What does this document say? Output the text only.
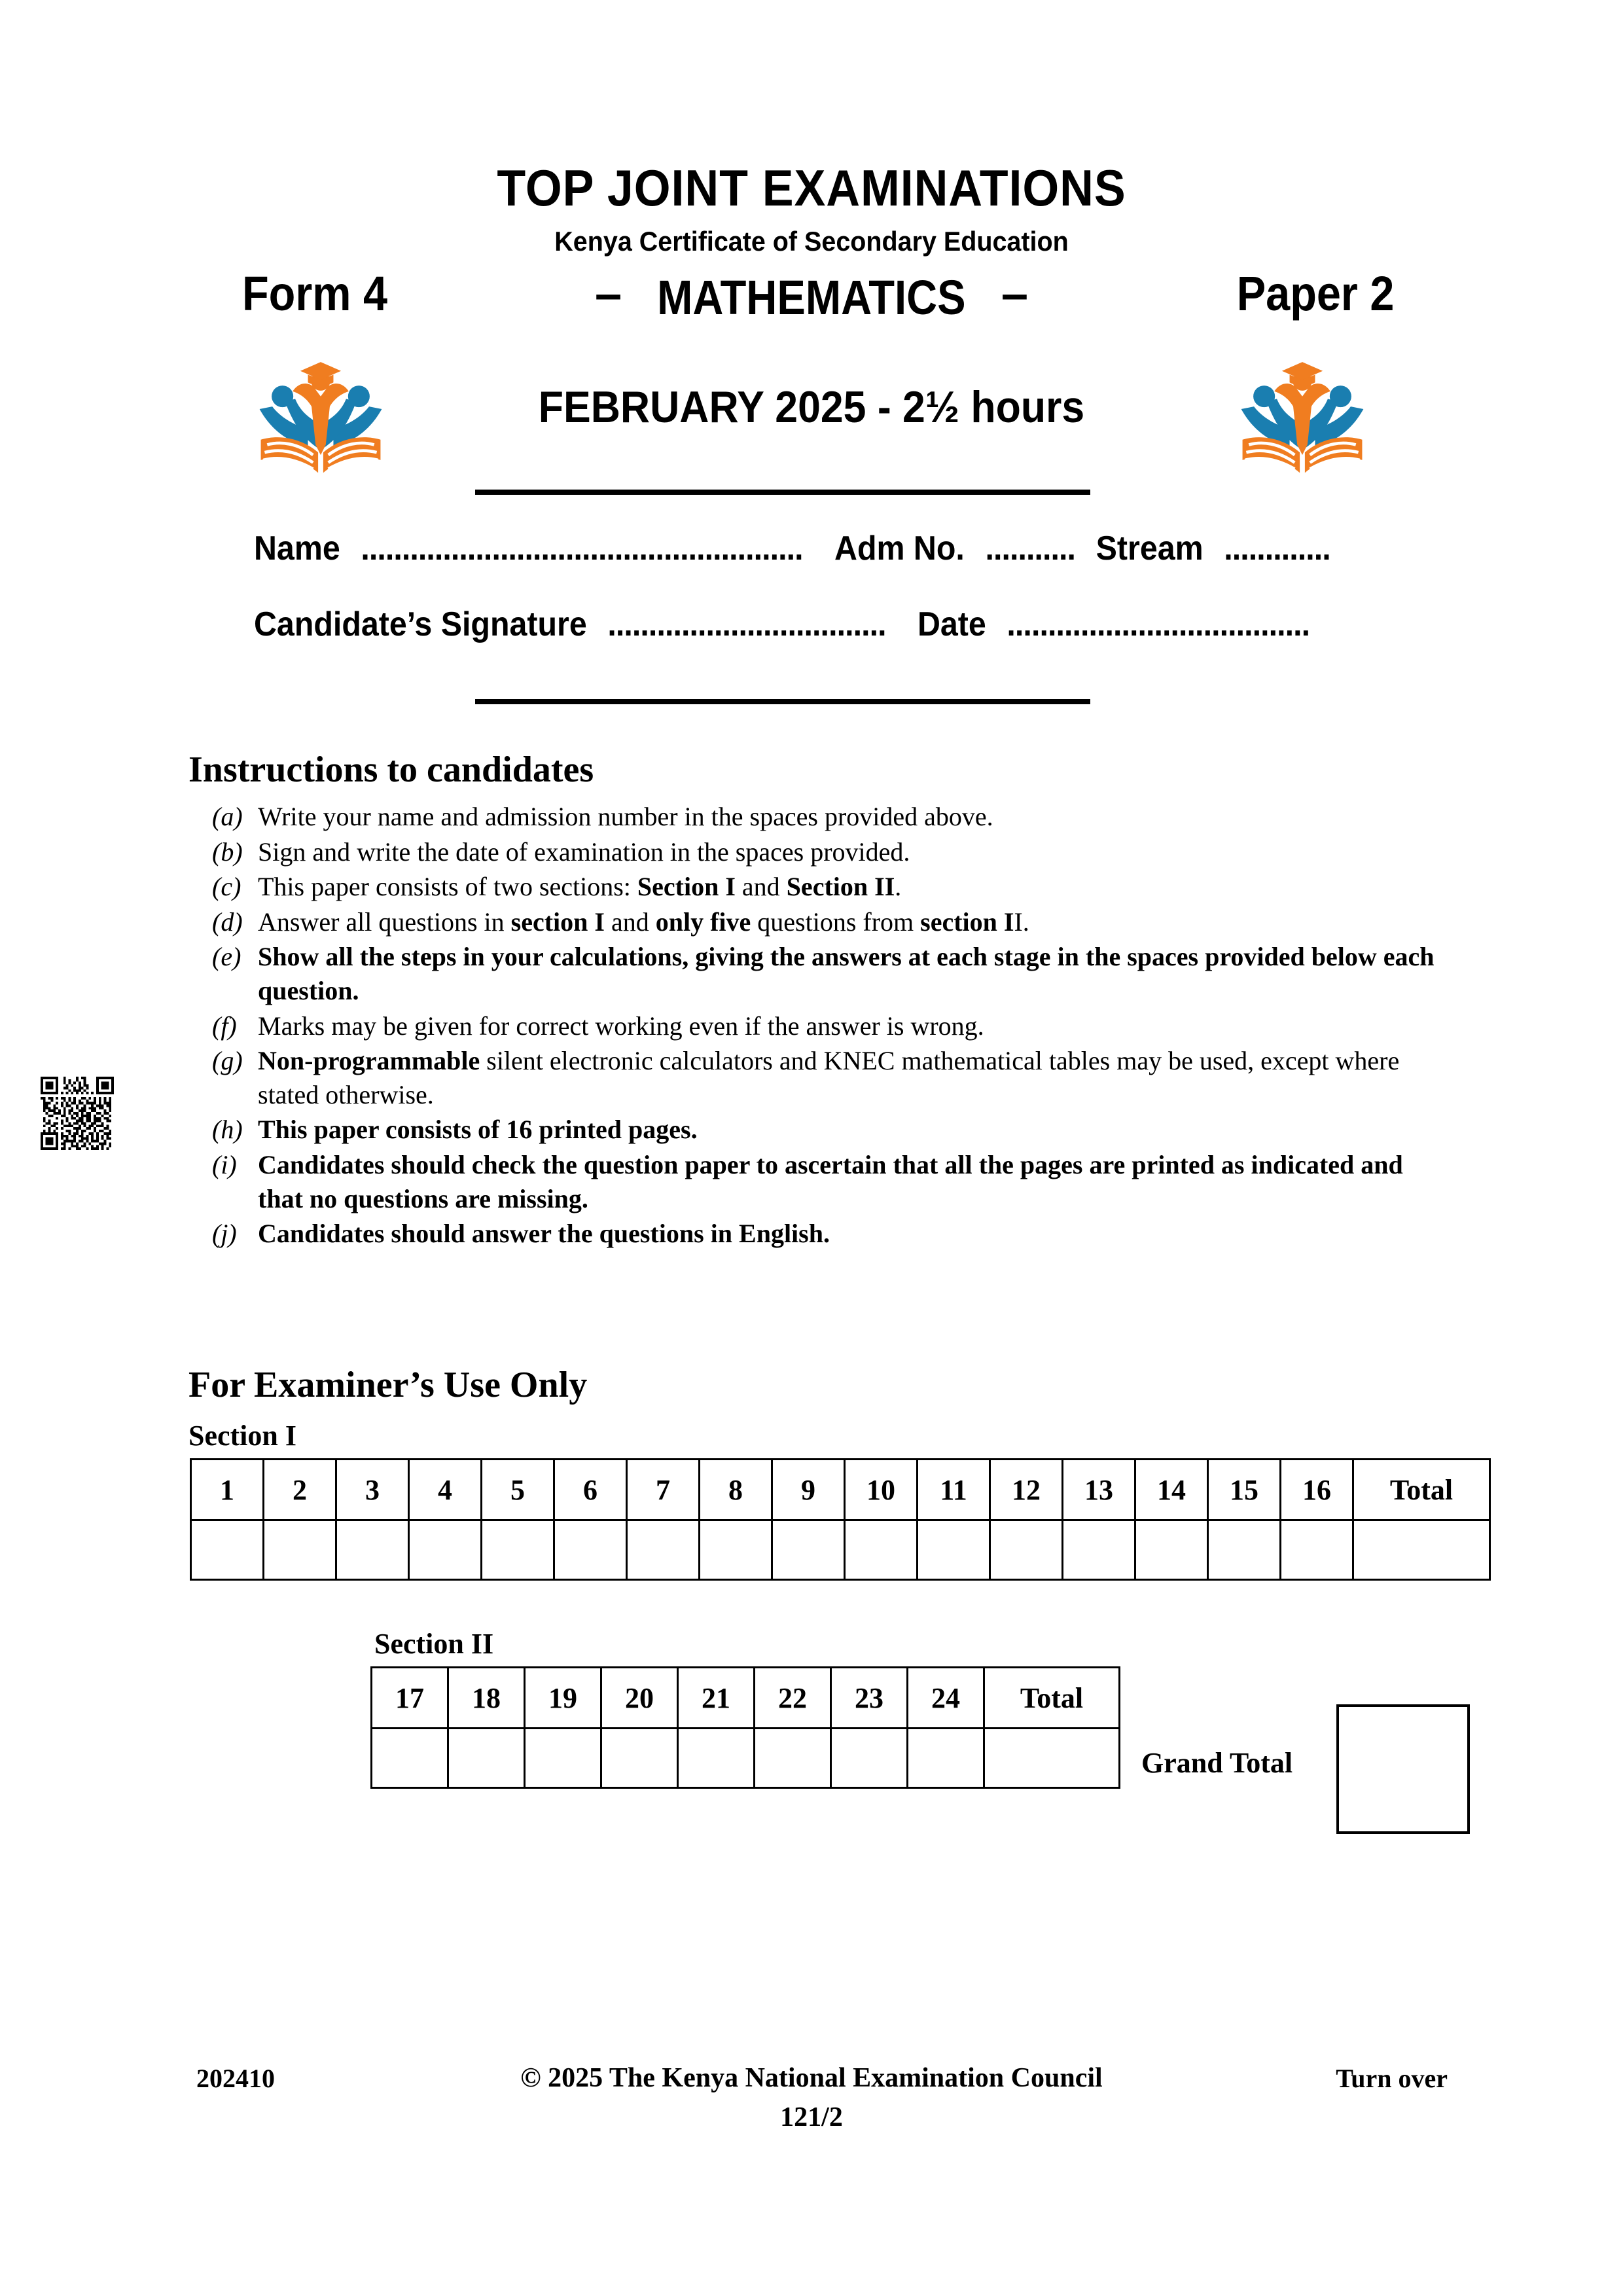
TOP JOINT EXAMINATIONS
Kenya Certificate of Secondary Education
Form 4	– MATHEMATICS –	Paper 2
FEBRUARY 2025 - 2½ hours
Name ...................................................... Adm No. ........... Stream .............
Candidate’s Signature .................................. Date .....................................
Instructions to candidates
(a) Write your name and admission number in the spaces provided above.
(b) Sign and write the date of examination in the spaces provided.
(c) This paper consists of two sections: Section I and Section II.
(d) Answer all questions in section I and only five questions from section II.
(e) Show all the steps in your calculations, giving the answers at each stage in the spaces provided below each question.
(f) Marks may be given for correct working even if the answer is wrong.
(g) Non-programmable silent electronic calculators and KNEC mathematical tables may be used, except where stated otherwise.
(h) This paper consists of 16 printed pages.
(i) Candidates should check the question paper to ascertain that all the pages are printed as indicated and that no questions are missing.
(j) Candidates should answer the questions in English.
For Examiner’s Use Only
Section I
1	2	3	4	5	6	7	8	9	10	11	12	13	14	15	16	Total

Section II
17	18	19	20	21	22	23	24	Total

Grand Total
202410	© 2025 The Kenya National Examination Council
121/2
Turn over
